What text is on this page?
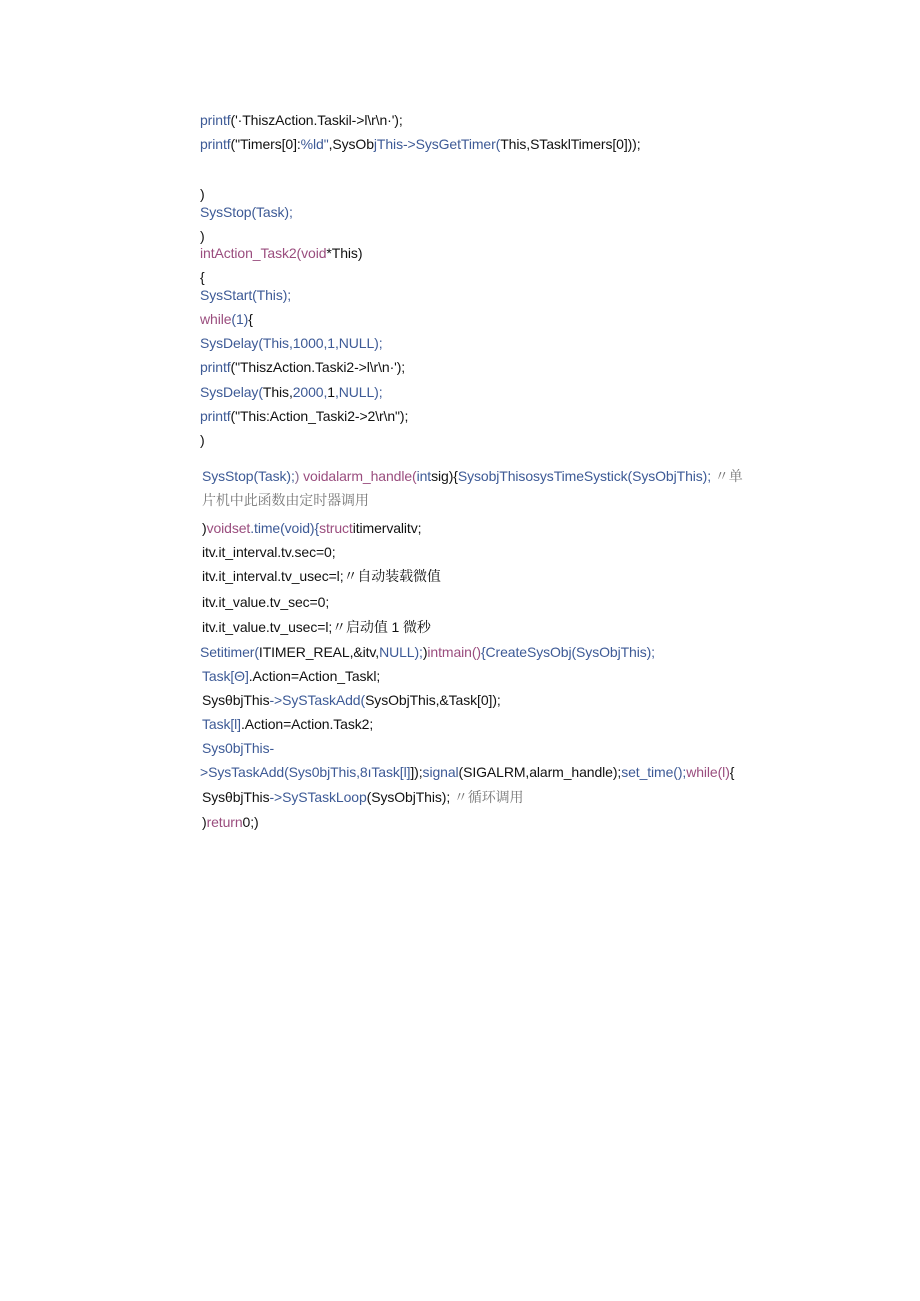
printf('·ThiszAction.Taskil->l\r\n·');
printf("Timers[0]:%ld",SysObjThis->SysGetTimer(This,STasklTimers[0]));
)
SysStop(Task);
)
intAction_Task2(void*This)
{
SysStart(This);
while(1){
SysDelay(This,1000,1,NULL);
printf("ThiszAction.Taski2->l\r\n·');
SysDelay(This,2000,1,NULL);
printf("This:Action_Taski2->2\r\n");
)
SysStop(Task);) voidalarm_handle(intsig){SysobjThisosysTimeSystick(SysObjThis); 〃单
片机中此函数由定时器调用
)voidset.time(void){structitimervalitv;
itv.it_interval.tv.sec=0;
itv.it_interval.tv_usec=l;〃自动装载微值
itv.it_value.tv_sec=0;
itv.it_value.tv_usec=l;〃启动值 1 微秒
Setitimer(ITIMER_REAL,&itv,NULL);)intmain(){CreateSysObj(SysObjThis);
Task[Θ].Action=Action_Taskl;
SysθbjThis->SySTaskAdd(SysObjThis,&Task[0]);
Task[l].Action=Action.Task2;
Sys0bjThis-
>SysTaskAdd(Sys0bjThis,8ıTask[l]]);signal(SIGALRM,alarm_handle);set_time();while(l){
SysθbjThis->SySTaskLoop(SysObjThis); 〃循环调用
)return0;)
